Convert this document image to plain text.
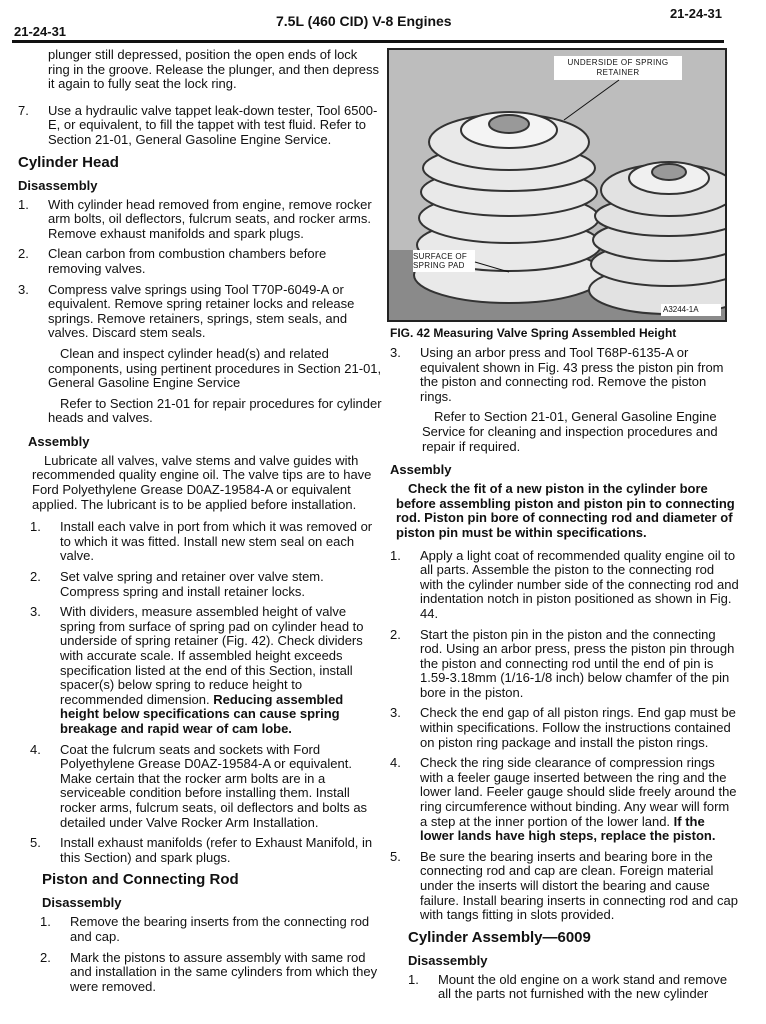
21-24-31
7.5L (460 CID) V-8 Engines	21-24-31

plunger still depressed, position the open ends of lock ring in the groove. Release the plunger, and then depress it again to fully seat the lock ring.

7.	Use a hydraulic valve tappet leak-down tester, Tool 6500-E, or equivalent, to fill the tappet with test fluid. Refer to Section 21-01, General Gasoline Engine Service.
Cylinder Head
Disassembly
1.	With cylinder head removed from engine, remove rocker arm bolts, oil deflectors, fulcrum seats, and rocker arms. Remove exhaust manifolds and spark plugs.
2.	Clean carbon from combustion chambers before removing valves.
3.	Compress valve springs using Tool T70P-6049-A or equivalent. Remove spring retainer locks and release springs. Remove retainers, springs, stem seals, and valves. Discard stem seals.

Clean and inspect cylinder head(s) and related components, using pertinent procedures in Section 21-01, General Gasoline Engine Service

Refer to Section 21-01 for repair procedures for cylinder heads and valves.

Assembly

Lubricate all valves, valve stems and valve guides with recommended quality engine oil. The valve tips are to have Ford Polyethylene Grease D0AZ-19584-A or equivalent applied. The lubricant is to be applied before installation.

1.	Install each valve in port from which it was removed or to which it was fitted. Install new stem seal on each valve.
2.	Set valve spring and retainer over valve stem. Compress spring and install retainer locks.
3.	With dividers, measure assembled height of valve spring from surface of spring pad on cylinder head to underside of spring retainer (Fig. 42). Check dividers with accurate scale. If assembled height exceeds specification listed at the end of this Section, install spacer(s) below spring to reduce height to recommended dimension. Reducing assembled height below specifications can cause spring breakage and rapid wear of cam lobe.
4.	Coat the fulcrum seats and sockets with Ford Polyethylene Grease D0AZ-19584-A or equivalent. Make certain that the rocker arm bolts are in a serviceable condition before installing them. Install rocker arms, fulcrum seats, oil deflectors and bolts as detailed under Valve Rocker Arm Installation.
5.	Install exhaust manifolds (refer to Exhaust Manifold, in this Section) and spark plugs.
Piston and Connecting Rod
Disassembly
1.	Remove the bearing inserts from the connecting rod and cap.
2.	Mark the pistons to assure assembly with same rod and installation in the same cylinders from which they were removed.
UNDERSIDE OF SPRING RETAINER
SURFACE OF SPRING PAD
A3244-1A
FIG. 42 Measuring Valve Spring Assembled Height
3.	Using an arbor press and Tool T68P-6135-A or equivalent shown in Fig. 43 press the piston pin from the piston and connecting rod. Remove the piston rings.

Refer to Section 21-01, General Gasoline Engine Service for cleaning and inspection procedures and repair if required.

Assembly

Check the fit of a new piston in the cylinder bore before assembling piston and piston pin to connecting rod. Piston pin bore of connecting rod and diameter of piston pin must be within specifications.

1.	Apply a light coat of recommended quality engine oil to all parts. Assemble the piston to the connecting rod with the cylinder number side of the connecting rod and indentation notch in piston positioned as shown in Fig. 44.
2.	Start the piston pin in the piston and the connecting rod. Using an arbor press, press the piston pin through the piston and connecting rod until the end of pin is 1.59-3.18mm (1/16-1/8 inch) below chamfer of the pin bore in the piston.
3.	Check the end gap of all piston rings. End gap must be within specifications. Follow the instructions contained on piston ring package and install the piston rings.
4.	Check the ring side clearance of compression rings with a feeler gauge inserted between the ring and the lower land. Feeler gauge should slide freely around the ring circumference without binding. Any wear will form a step at the inner portion of the lower land. If the lower lands have high steps, replace the piston.
5.	Be sure the bearing inserts and bearing bore in the connecting rod and cap are clean. Foreign material under the inserts will distort the bearing and cause failure. Install bearing inserts in connecting rod and cap with tangs fitting in slots provided.
Cylinder Assembly—6009
Disassembly
1.	Mount the old engine on a work stand and remove all the parts not furnished with the new cylinder
